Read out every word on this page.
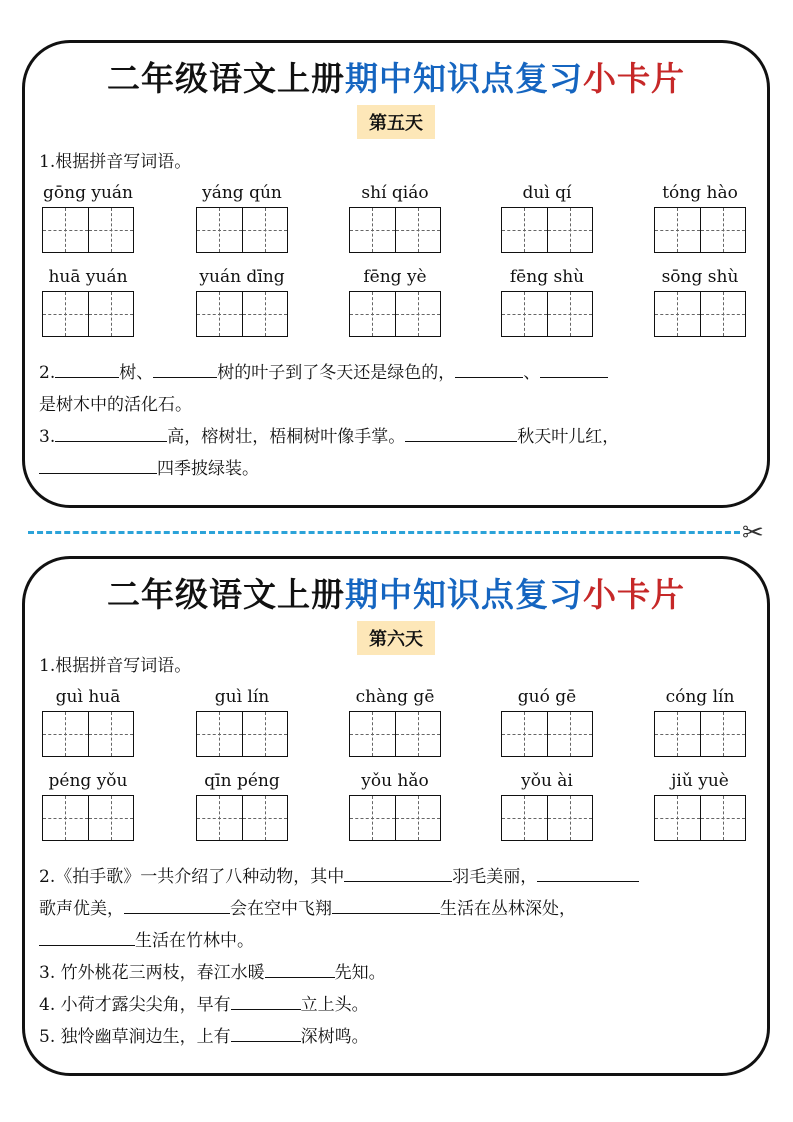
二年级语文上册期中知识点复习小卡片
第五天
1.根据拼音写词语。
gōng yuán	yáng qún	shí qiáo	duì qí	tóng hào
huā yuán	yuán dīng	fēng yè	fēng shù	sōng shù
2.	树、	树的叶子到了冬天还是绿色的，	、
是树木中的活化石。
3.	高，榕树壮，梧桐树叶像手掌。	秋天叶儿红，
四季披绿装。
✂
二年级语文上册期中知识点复习小卡片
第六天
1.根据拼音写词语。
guì huā	guì lín	chàng gē	guó gē	cóng lín
péng yǒu	qīn péng	yǒu hǎo	yǒu ài	jiǔ yuè
2.《拍手歌》一共介绍了八种动物，其中	羽毛美丽，
歌声优美，	会在空中飞翔	生活在丛林深处，
生活在竹林中。
3. 竹外桃花三两枝，春江水暖	先知。
4. 小荷才露尖尖角，早有	立上头。
5. 独怜幽草涧边生，上有	深树鸣。
